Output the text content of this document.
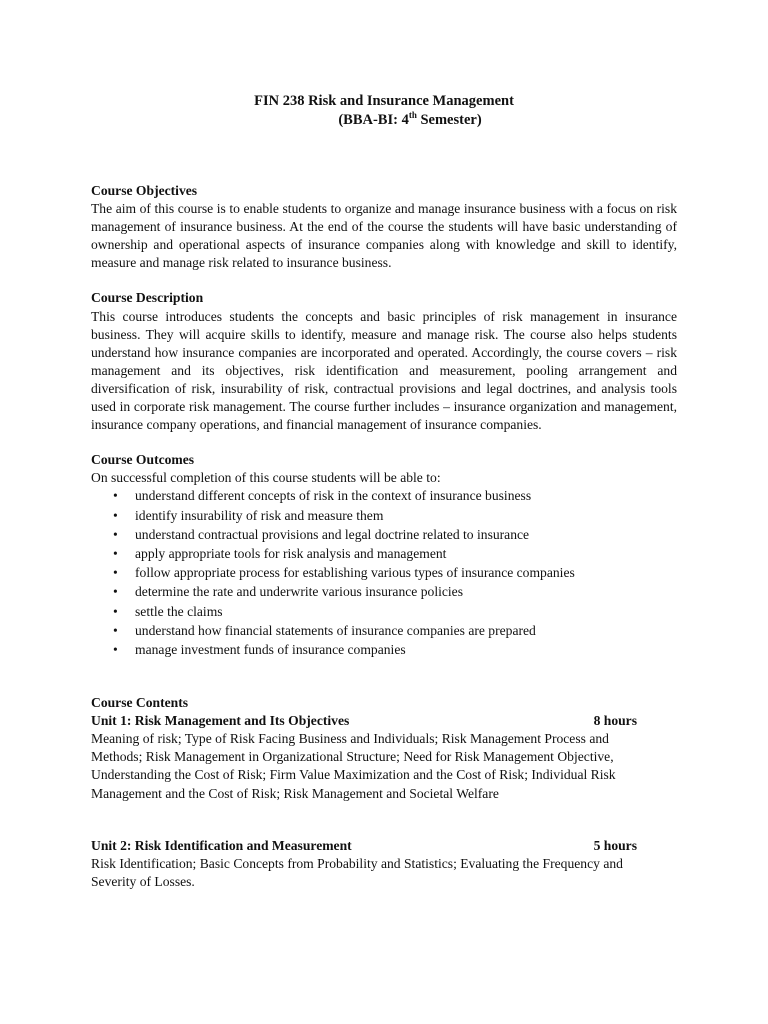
FIN 238 Risk and Insurance Management
(BBA-BI: 4th Semester)

Course Objectives

The aim of this course is to enable students to organize and manage insurance business with a focus on risk management of insurance business. At the end of the course the students will have basic understanding of ownership and operational aspects of insurance companies along with knowledge and skill to identify, measure and manage risk related to insurance business.

Course Description

This course introduces students the concepts and basic principles of risk management in insurance business. They will acquire skills to identify, measure and manage risk. The course also helps students understand how insurance companies are incorporated and operated. Accordingly, the course covers – risk management and its objectives, risk identification and measurement, pooling arrangement and diversification of risk, insurability of risk, contractual provisions and legal doctrines, and analysis tools used in corporate risk management. The course further includes – insurance organization and management, insurance company operations, and financial management of insurance companies.

Course Outcomes

On successful completion of this course students will be able to:

• understand different concepts of risk in the context of insurance business
• identify insurability of risk and measure them
• understand contractual provisions and legal doctrine related to insurance
• apply appropriate tools for risk analysis and management
• follow appropriate process for establishing various types of insurance companies
• determine the rate and underwrite various insurance policies
• settle the claims
• understand how financial statements of insurance companies are prepared
• manage investment funds of insurance companies

Course Contents

Unit 1: Risk Management and Its Objectives	8 hours

Meaning of risk; Type of Risk Facing Business and Individuals; Risk Management Process and Methods; Risk Management in Organizational Structure; Need for Risk Management Objective, Understanding the Cost of Risk; Firm Value Maximization and the Cost of Risk; Individual Risk Management and the Cost of Risk; Risk Management and Societal Welfare

Unit 2: Risk Identification and Measurement	5 hours

Risk Identification; Basic Concepts from Probability and Statistics; Evaluating the Frequency and Severity of Losses.
